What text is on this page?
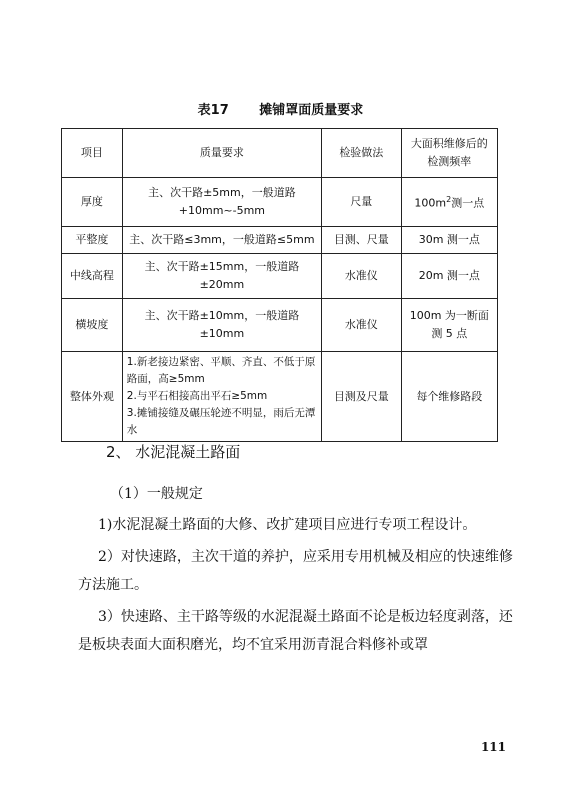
表17 摊铺罩面质量要求
项目	质量要求	检验做法	大面积维修后的检测频率
厚度	主、次干路±5mm，一般道路+10mm~-5mm	尺量	$100m^2$测一点
平整度	主、次干路≤3mm，一般道路≤5mm	目测、尺量	30m 测一点
中线高程	主、次干路±15mm，一般道路±20mm	水准仪	20m 测一点
横坡度	主、次干路±10mm，一般道路±10mm	水准仪	100m 为一断面测 5 点
整体外观	1.新老接边紧密、平顺、齐直、不低于原路面，高≥5mm
2.与平石相接高出平石≥5mm
3.摊铺接缝及碾压轮迹不明显，雨后无潭水	目测及尺量	每个维修路段
2、 水泥混凝土路面
（1）一般规定
1)水泥混凝土路面的大修、改扩建项目应进行专项工程设计。
2）对快速路，主次干道的养护，应采用专用机械及相应的快速维修方法施工。
3）快速路、主干路等级的水泥混凝土路面不论是板边轻度剥落，还是板块表面大面积磨光，均不宜采用沥青混合料修补或罩
111
